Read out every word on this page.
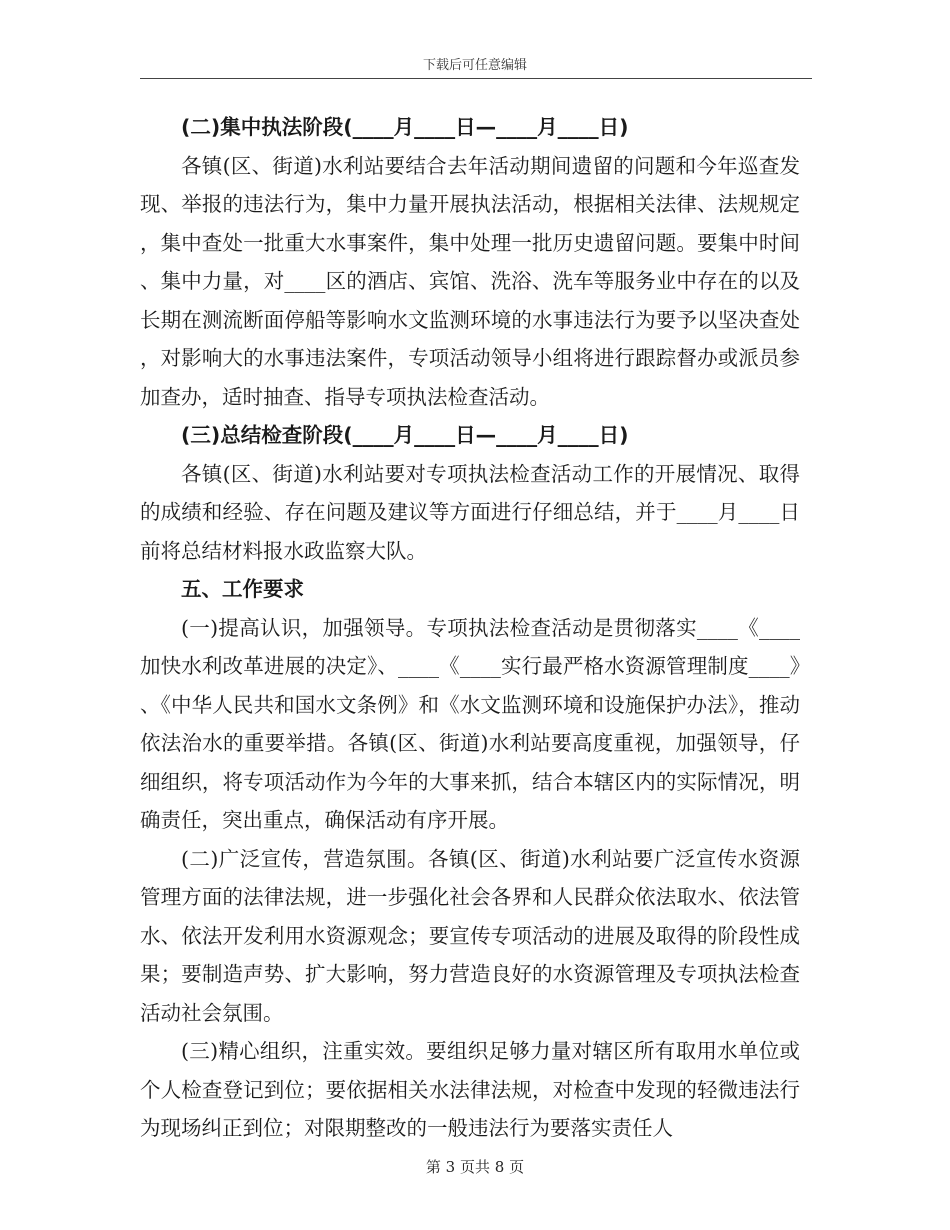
下载后可任意编辑

(二)集中执法阶段(____月____日—____月____日)

各镇(区、街道)水利站要结合去年活动期间遗留的问题和今年巡查发现、举报的违法行为，集中力量开展执法活动，根据相关法律、法规规定，集中查处一批重大水事案件，集中处理一批历史遗留问题。要集中时间、集中力量，对____区的酒店、宾馆、洗浴、洗车等服务业中存在的以及长期在测流断面停船等影响水文监测环境的水事违法行为要予以坚决查处，对影响大的水事违法案件，专项活动领导小组将进行跟踪督办或派员参加查办，适时抽查、指导专项执法检查活动。

(三)总结检查阶段(____月____日—____月____日)

各镇(区、街道)水利站要对专项执法检查活动工作的开展情况、取得的成绩和经验、存在问题及建议等方面进行仔细总结，并于____月____日前将总结材料报水政监察大队。

五、工作要求

(一)提高认识，加强领导。专项执法检查活动是贯彻落实____《____加快水利改革进展的决定》、____《____实行最严格水资源管理制度____》、《中华人民共和国水文条例》和《水文监测环境和设施保护办法》，推动依法治水的重要举措。各镇(区、街道)水利站要高度重视，加强领导，仔细组织，将专项活动作为今年的大事来抓，结合本辖区内的实际情况，明确责任，突出重点，确保活动有序开展。

(二)广泛宣传，营造氛围。各镇(区、街道)水利站要广泛宣传水资源管理方面的法律法规，进一步强化社会各界和人民群众依法取水、依法管水、依法开发利用水资源观念；要宣传专项活动的进展及取得的阶段性成果；要制造声势、扩大影响，努力营造良好的水资源管理及专项执法检查活动社会氛围。

(三)精心组织，注重实效。要组织足够力量对辖区所有取用水单位或个人检查登记到位；要依据相关水法律法规，对检查中发现的轻微违法行为现场纠正到位；对限期整改的一般违法行为要落实责任人

第 3 页共 8 页
